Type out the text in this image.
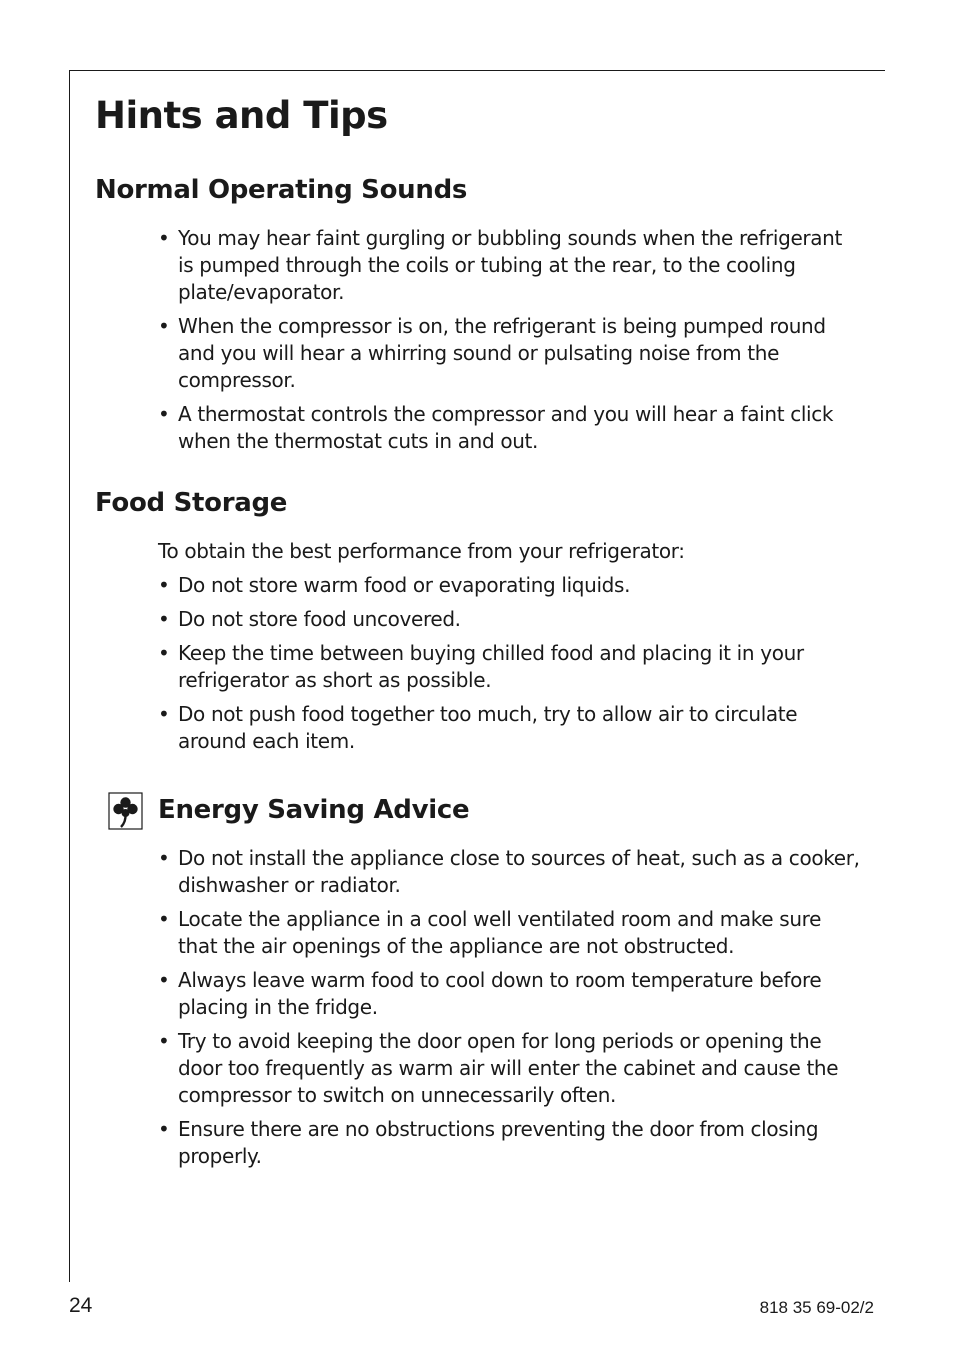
Hints and Tips
Normal Operating Sounds
• You may hear faint gurgling or bubbling sounds when the refrigerant is pumped through the coils or tubing at the rear, to the cooling plate/evaporator.
• When the compressor is on, the refrigerant is being pumped round and you will hear a whirring sound or pulsating noise from the compressor.
• A thermostat controls the compressor and you will hear a faint click when the thermostat cuts in and out.
Food Storage

To obtain the best performance from your refrigerator:

• Do not store warm food or evaporating liquids.
• Do not store food uncovered.
• Keep the time between buying chilled food and placing it in your refrigerator as short as possible.
• Do not push food together too much, try to allow air to circulate around each item.
Energy Saving Advice
• Do not install the appliance close to sources of heat, such as a cooker, dishwasher or radiator.
• Locate the appliance in a cool well ventilated room and make sure that the air openings of the appliance are not obstructed.
• Always leave warm food to cool down to room temperature before placing in the fridge.
• Try to avoid keeping the door open for long periods or opening the door too frequently as warm air will enter the cabinet and cause the compressor to switch on unnecessarily often.
• Ensure there are no obstructions preventing the door from closing properly.
24	818 35 69-02/2
